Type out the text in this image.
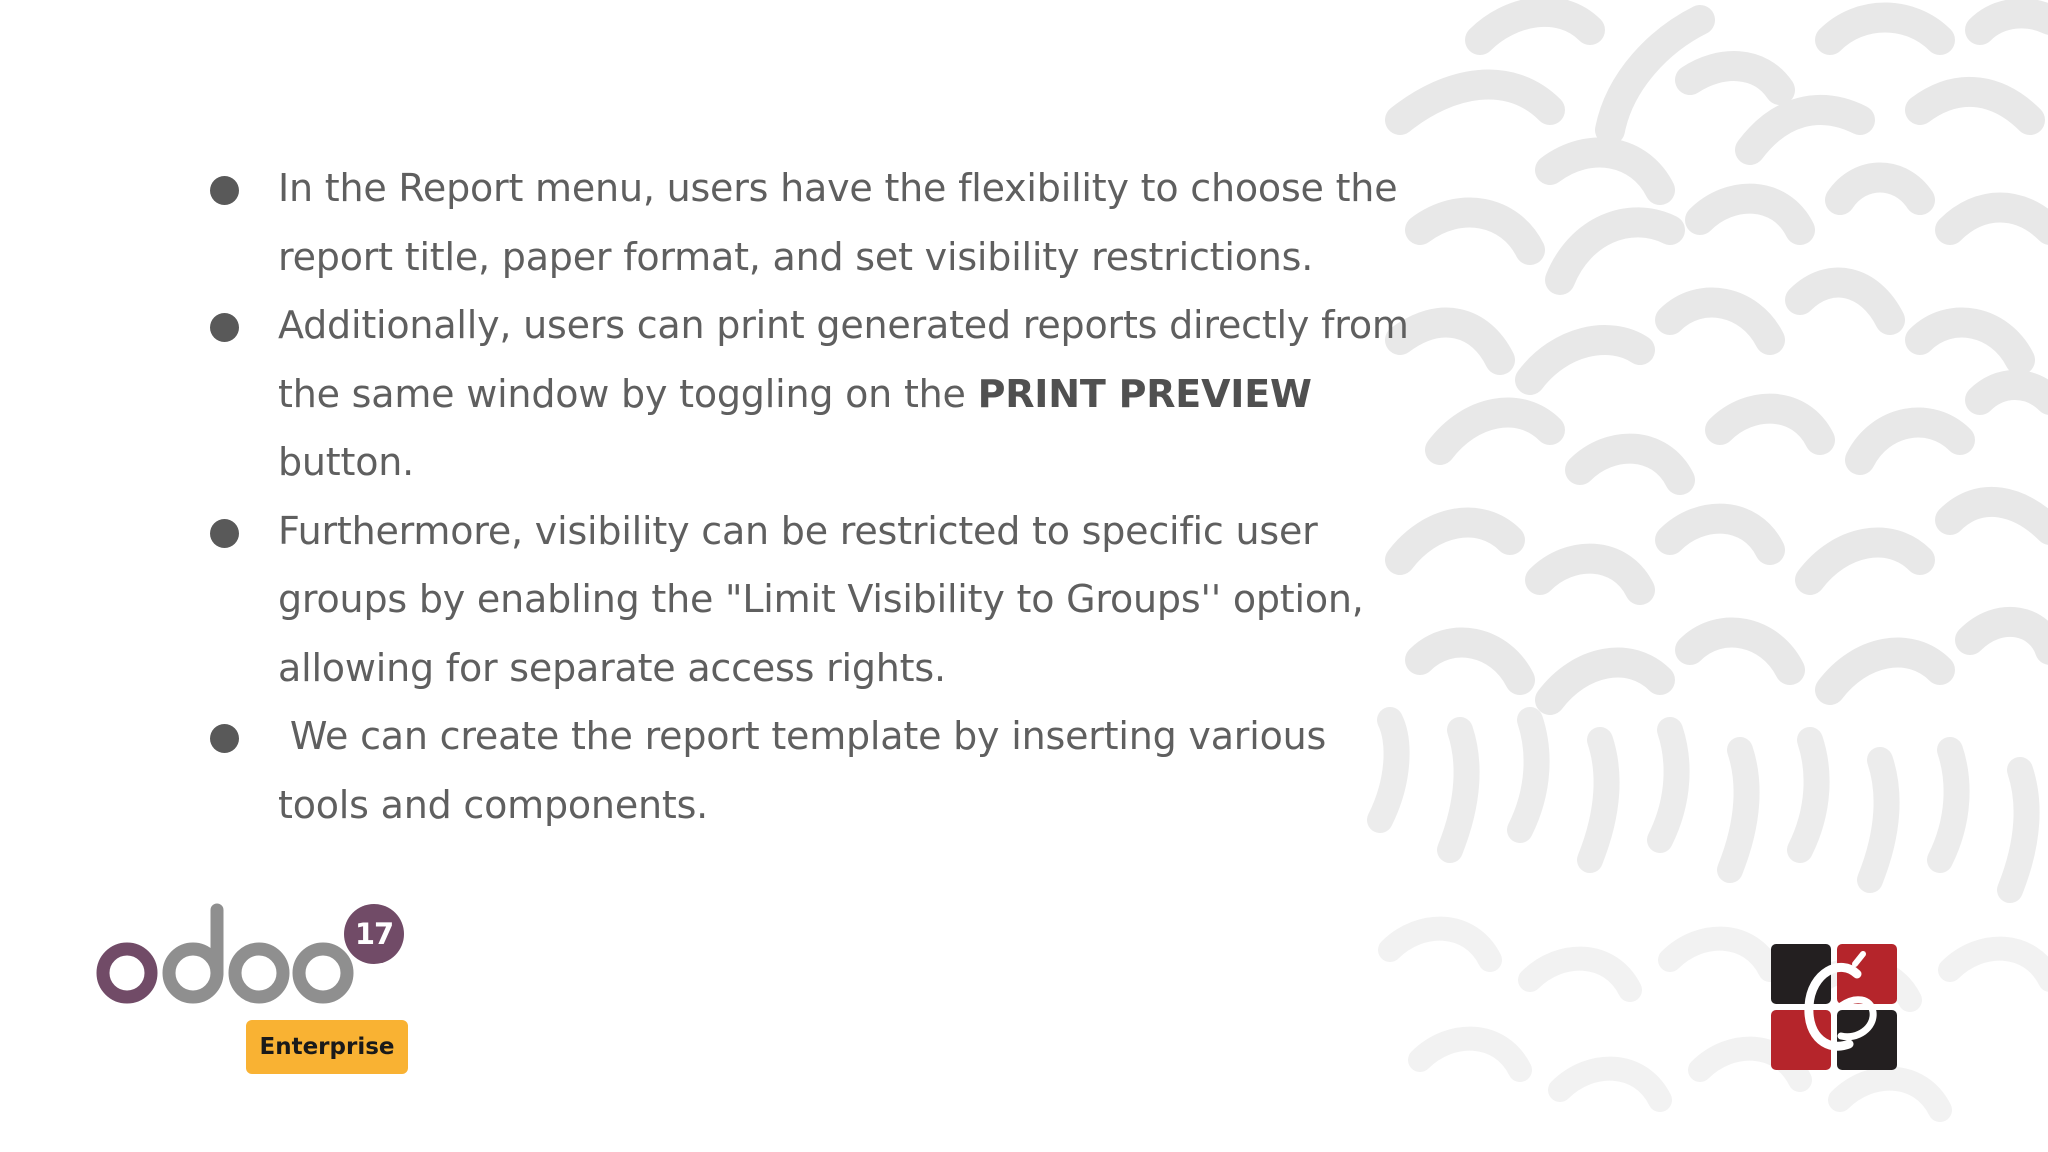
In the Report menu, users have the flexibility to choose the report title, paper format, and set visibility restrictions.
Additionally, users can print generated reports directly from the same window by toggling on the PRINT PREVIEW button.
Furthermore, visibility can be restricted to specific user groups by enabling the "Limit Visibility to Groups'' option, allowing for separate access rights.
We can create the report template by inserting various tools and components.
17
Enterprise
